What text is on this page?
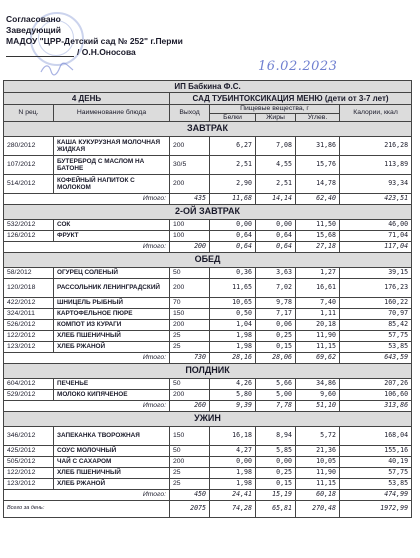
Согласовано
Заведующий
МАДОУ "ЦРР-Детский сад № 252" г.Перми
/ О.Н.Оносова
16.02.2023
ИП Бабкина Ф.С.						
4 ДЕНЬ		САД ТУБИНТОКСИКАЦИЯ МЕНЮ (дети от 3-7 лет)				
N рец.	Наименование блюда	Выход	Пищевые вещества, г			Калории, ккал
			Белки	Жиры	Углев.	
ЗАВТРАК						
280/2012	КАША КУКУРУЗНАЯ МОЛОЧНАЯ ЖИДКАЯ	200	6,27	7,08	31,86	216,28
107/2012	БУТЕРБРОД С МАСЛОМ НА БАТОНЕ	30/5	2,51	4,55	15,76	113,89
514/2012	КОФЕЙНЫЙ НАПИТОК С МОЛОКОМ	200	2,90	2,51	14,78	93,34
Итого:		435	11,68	14,14	62,40	423,51
2-ОЙ ЗАВТРАК						
532/2012	СОК	100	0,00	0,00	11,50	46,00
126/2012	ФРУКТ	100	0,64	0,64	15,68	71,04
Итого:		200	0,64	0,64	27,18	117,04
ОБЕД						
58/2012	ОГУРЕЦ СОЛЕНЫЙ	50	0,36	3,63	1,27	39,15
120/2018	РАССОЛЬНИК ЛЕНИНГРАДСКИЙ	200	11,65	7,02	16,61	176,23
422/2012	ШНИЦЕЛЬ РЫБНЫЙ	70	10,65	9,78	7,40	160,22
324/2011	КАРТОФЕЛЬНОЕ ПЮРЕ	150	0,50	7,17	1,11	70,97
526/2012	КОМПОТ ИЗ КУРАГИ	200	1,04	0,06	20,18	85,42
122/2012	ХЛЕБ ПШЕНИЧНЫЙ	25	1,98	0,25	11,90	57,75
123/2012	ХЛЕБ РЖАНОЙ	25	1,98	0,15	11,15	53,85
Итого:		730	28,16	28,06	69,62	643,59
ПОЛДНИК						
604/2012	ПЕЧЕНЬЕ	50	4,26	5,66	34,86	207,26
529/2012	МОЛОКО КИПЯЧЕНОЕ	200	5,80	5,00	9,60	106,60
Итого:		260	9,39	7,78	51,10	313,86
УЖИН						
346/2012	ЗАПЕКАНКА ТВОРОЖНАЯ	150	16,18	8,94	5,72	168,04
425/2012	СОУС МОЛОЧНЫЙ	50	4,27	5,85	21,36	155,16
505/2012	ЧАЙ С САХАРОМ	200	0,00	0,00	10,05	40,19
122/2012	ХЛЕБ ПШЕНИЧНЫЙ	25	1,98	0,25	11,90	57,75
123/2012	ХЛЕБ РЖАНОЙ	25	1,98	0,15	11,15	53,85
Итого:		450	24,41	15,19	60,18	474,99
Всего за день:		2075	74,28	65,81	270,48	1972,99
